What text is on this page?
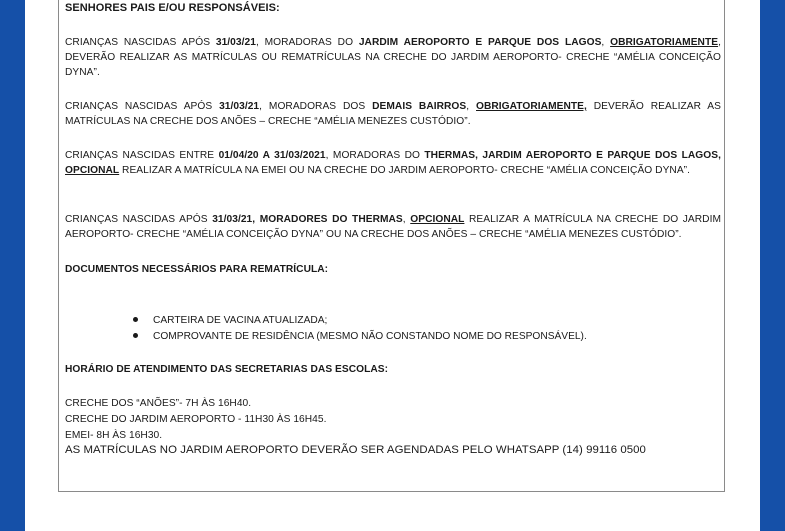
SENHORES PAIS E/OU RESPONSÁVEIS:
CRIANÇAS NASCIDAS APÓS 31/03/21, MORADORAS DO JARDIM AEROPORTO E PARQUE DOS LAGOS, OBRIGATORIAMENTE, DEVERÃO REALIZAR AS MATRÍCULAS OU REMATRÍCULAS NA CRECHE DO JARDIM AEROPORTO- CRECHE “AMÉLIA CONCEIÇÃO DYNA”.
CRIANÇAS NASCIDAS APÓS 31/03/21, MORADORAS DOS DEMAIS BAIRROS, OBRIGATORIAMENTE, DEVERÃO REALIZAR AS MATRÍCULAS NA CRECHE DOS ANÕES – CRECHE “AMÉLIA MENEZES CUSTÓDIO”.
CRIANÇAS NASCIDAS ENTRE 01/04/20 A 31/03/2021, MORADORAS DO THERMAS, JARDIM AEROPORTO E PARQUE DOS LAGOS, OPCIONAL REALIZAR A MATRÍCULA NA EMEI OU NA CRECHE DO JARDIM AEROPORTO- CRECHE “AMÉLIA CONCEIÇÃO DYNA”.
CRIANÇAS NASCIDAS APÓS 31/03/21, MORADORES DO THERMAS, OPCIONAL REALIZAR A MATRÍCULA NA CRECHE DO JARDIM AEROPORTO- CRECHE “AMÉLIA CONCEIÇÃO DYNA” OU NA CRECHE DOS ANÕES – CRECHE “AMÉLIA MENEZES CUSTÓDIO”.
DOCUMENTOS NECESSÁRIOS PARA REMATRÍCULA:
CARTEIRA DE VACINA ATUALIZADA;
COMPROVANTE DE RESIDÊNCIA (MESMO NÃO CONSTANDO NOME DO RESPONSÁVEL).
HORÁRIO DE ATENDIMENTO DAS SECRETARIAS DAS ESCOLAS:
CRECHE DOS “ANÕES”- 7H ÀS 16H40.
CRECHE DO JARDIM AEROPORTO - 11H30 ÀS 16H45.
EMEI- 8H ÀS 16H30.
AS MATRÍCULAS NO JARDIM AEROPORTO DEVERÃO SER AGENDADAS PELO WHATSAPP (14) 99116 0500
